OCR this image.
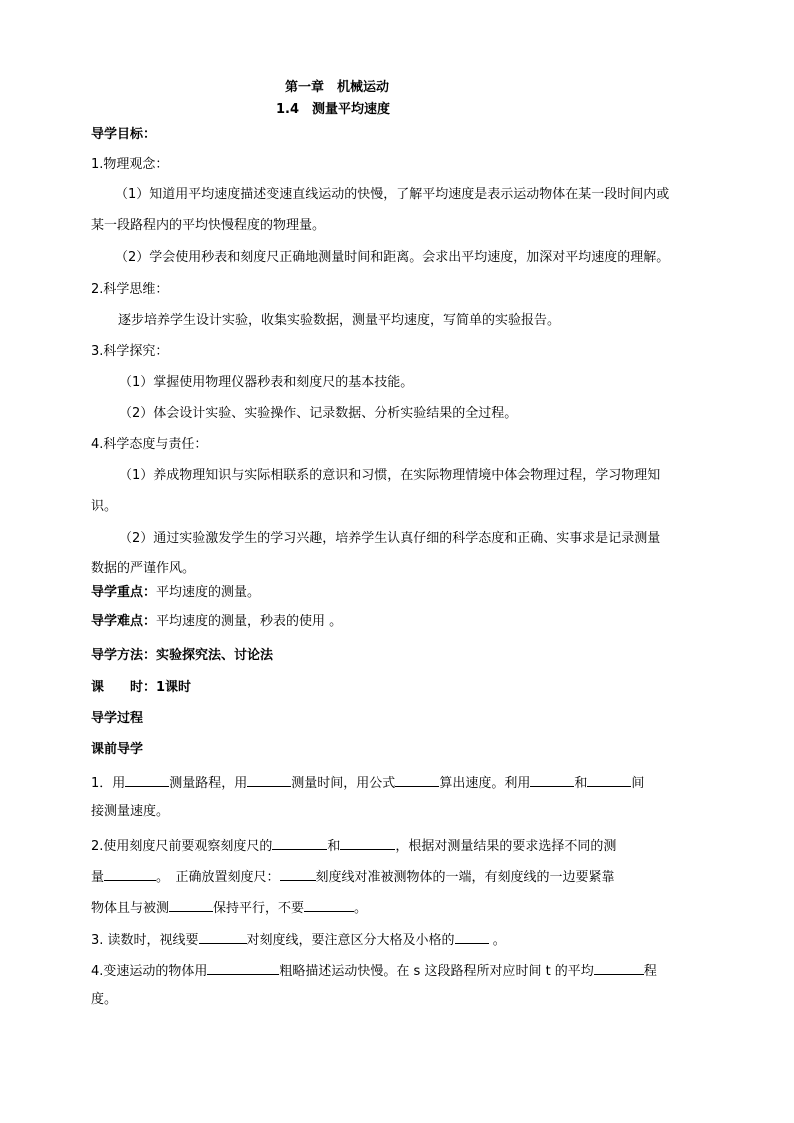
第一章　机械运动
1.4　测量平均速度
导学目标：
1.物理观念：
（1）知道用平均速度描述变速直线运动的快慢，了解平均速度是表示运动物体在某一段时间内或
某一段路程内的平均快慢程度的物理量。
（2）学会使用秒表和刻度尺正确地测量时间和距离。会求出平均速度，加深对平均速度的理解。
2.科学思维：
逐步培养学生设计实验，收集实验数据，测量平均速度，写简单的实验报告。
3.科学探究：
（1）掌握使用物理仪器秒表和刻度尺的基本技能。
（2）体会设计实验、实验操作、记录数据、分析实验结果的全过程。
4.科学态度与责任：
（1）养成物理知识与实际相联系的意识和习惯，在实际物理情境中体会物理过程，学习物理知
识。
（2）通过实验激发学生的学习兴趣，培养学生认真仔细的科学态度和正确、实事求是记录测量
数据的严谨作风。
导学重点：平均速度的测量。
导学难点：平均速度的测量，秒表的使用 。
导学方法：实验探究法、讨论法
课　　时：1课时
导学过程
课前导学
1．用	测量路程，用	测量时间，用公式	算出速度。利用	和	间
接测量速度。
2.使用刻度尺前要观察刻度尺的	和	，根据对测量结果的要求选择不同的测
量	。　正确放置刻度尺：	刻度线对准被测物体的一端，有刻度线的一边要紧靠
物体且与被测	保持平行，不要	。
3. 读数时，视线要	对刻度线，要注意区分大格及小格的	。
4.变速运动的物体用	粗略描述运动快慢。在 s 这段路程所对应时间 t 的平均	程
度。
